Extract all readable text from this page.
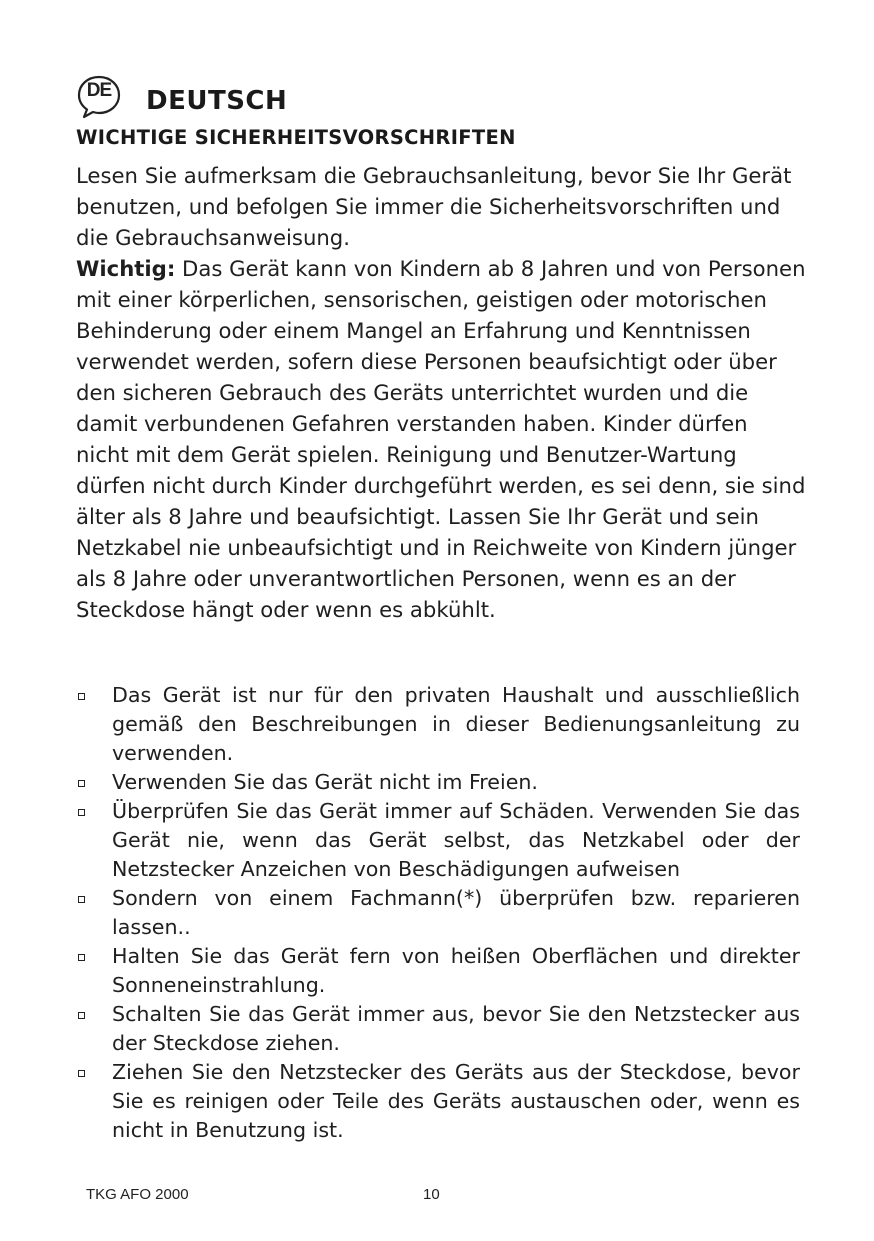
DE	DEUTSCH
WICHTIGE SICHERHEITSVORSCHRIFTEN

Lesen Sie aufmerksam die Gebrauchsanleitung, bevor Sie Ihr Gerät benutzen, und befolgen Sie immer die Sicherheitsvorschriften und die Gebrauchsanweisung.

Wichtig: Das Gerät kann von Kindern ab 8 Jahren und von Personen mit einer körperlichen, sensorischen, geistigen oder motorischen Behinderung oder einem Mangel an Erfahrung und Kenntnissen verwendet werden, sofern diese Personen beaufsichtigt oder über den sicheren Gebrauch des Geräts unterrichtet wurden und die damit verbundenen Gefahren verstanden haben. Kinder dürfen nicht mit dem Gerät spielen. Reinigung und Benutzer-Wartung dürfen nicht durch Kinder durchgeführt werden, es sei denn, sie sind älter als 8 Jahre und beaufsichtigt. Lassen Sie Ihr Gerät und sein Netzkabel nie unbeaufsichtigt und in Reichweite von Kindern jünger als 8 Jahre oder unverantwortlichen Personen, wenn es an der Steckdose hängt oder wenn es abkühlt.

Das Gerät ist nur für den privaten Haushalt und ausschließlich gemäß den Beschreibungen in dieser Bedienungsanleitung zu verwenden.
Verwenden Sie das Gerät nicht im Freien.
Überprüfen Sie das Gerät immer auf Schäden. Verwenden Sie das Gerät nie, wenn das Gerät selbst, das Netzkabel oder der Netzstecker Anzeichen von Beschädigungen aufweisen
Sondern von einem Fachmann(*) überprüfen bzw. reparieren lassen..
Halten Sie das Gerät fern von heißen Oberflächen und direkter Sonneneinstrahlung.
Schalten Sie das Gerät immer aus, bevor Sie den Netzstecker aus der Steckdose ziehen.
Ziehen Sie den Netzstecker des Geräts aus der Steckdose, bevor Sie es reinigen oder Teile des Geräts austauschen oder, wenn es nicht in Benutzung ist.
TKG AFO 2000	10
